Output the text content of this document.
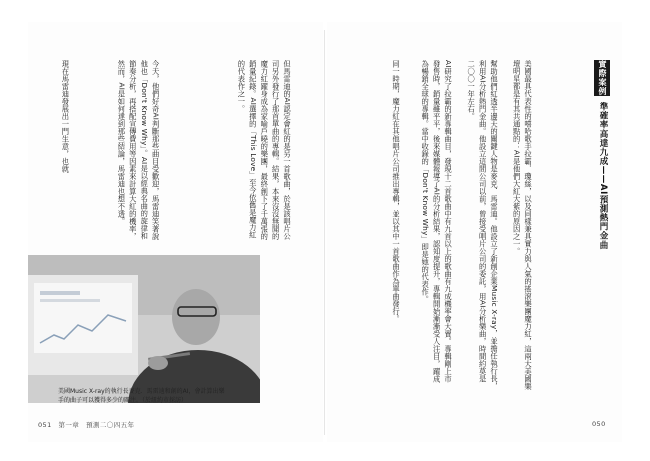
實際案例
準確率高達九成——AI預測熱門金曲
美國最具代表性的嘻哈歌手拉霸．瓊絲，以及同樣兼具實力與人氣的搖滾樂團魔力紅，這兩大美國樂壇明星都是有其共通點的：AI是他們大紅大紫的原因之一。
幫助他們紅透半邊天的關鍵人物是麥克．馬雷迪。他設立了新創企業Music X-ray，並擔任執行長，利用AI分析熱門金曲。他設立這間公司以前，曾接受唱片公司的委託，用AI分析樂曲，時間約莫是二〇〇一年左右。
AI研究了拉霸的新專輯曲目，發現十二首歌曲中有九首以上的歌曲有九成機率會大賣。專輯剛上市發售時，銷量雖平平，後來媒體報導了AI的分析結果，認知度提升，專輯開始漸漸受人注目，躍成為暢銷全球的專輯。當中收錄的「Don't Know Why」即是她的代表作。
同一時期，魔力紅在其他唱片公司推出專輯，並以其中一首歌曲作為單曲發行。
但馬雷迪的AI認定會紅的是另一首歌曲，於是該唱片公司另外發行了那首單曲的專輯。結果，本來沒沒無聞的魔力紅躍身成為家喻戶曉的樂團，最終創下了千萬張的銷量紀錄。AI選擇的「This Love」至今依舊是魔力紅的代表作之一。
今天，他們好奇AI判斷那些曲目受歡迎，馬雷迪笑著說他也「Don't Know Why」。AI是以經典名曲的旋律和節奏分析，再搭配宣傳費用等因素來計算大紅的機率，然而，AI是如何達到那些結論，馬雷迪也想不透。
現在馬雷迪發展出一門生意，也就
美國Music X-ray的執行長麥克．馬雷迪和創的AI，會計算出樂手的曲子可以獲得多少的關注。（於紐約市採訪）
051　第一章　預測二〇四五年	050
